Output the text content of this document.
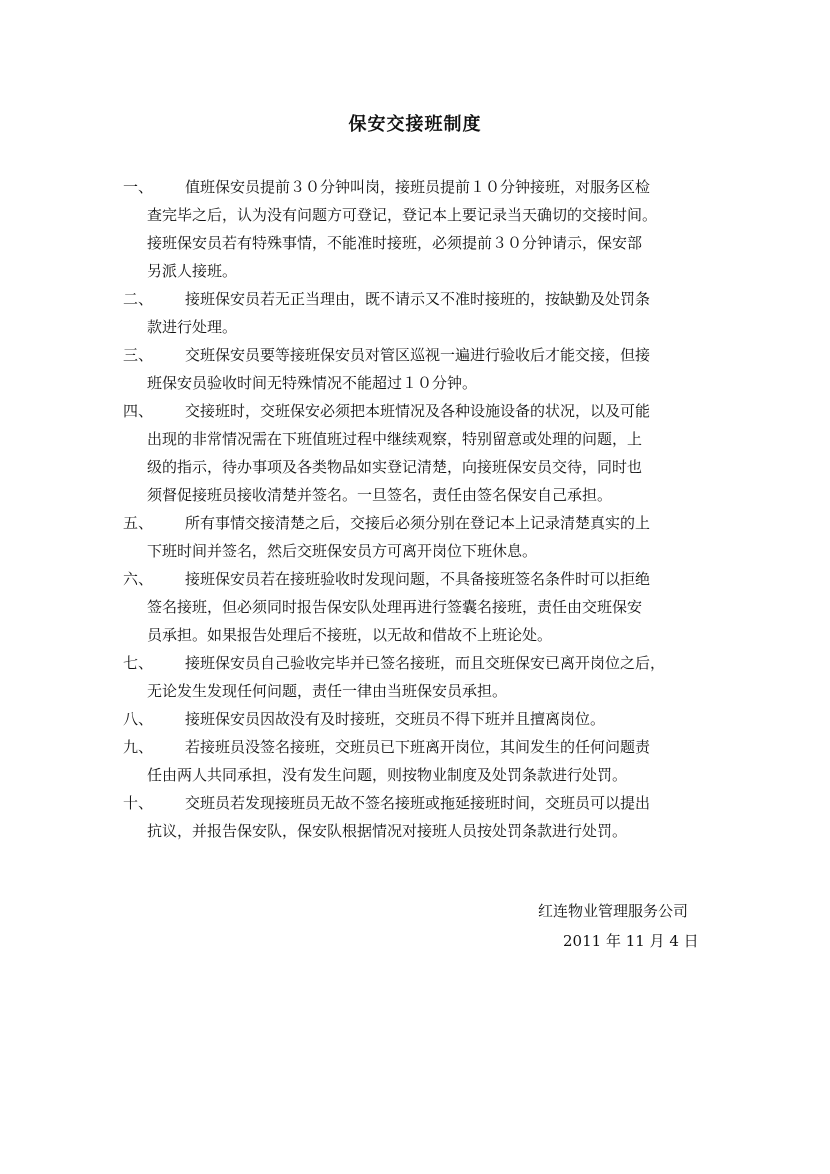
保安交接班制度
一、	值班保安员提前３０分钟叫岗，接班员提前１０分钟接班，对服务区检
查完毕之后，认为没有问题方可登记，登记本上要记录当天确切的交接时间。
接班保安员若有特殊事情，不能准时接班，必须提前３０分钟请示，保安部
另派人接班。
二、	接班保安员若无正当理由，既不请示又不准时接班的，按缺勤及处罚条
款进行处理。
三、	交班保安员要等接班保安员对管区巡视一遍进行验收后才能交接，但接
班保安员验收时间无特殊情况不能超过１０分钟。
四、	交接班时，交班保安必须把本班情况及各种设施设备的状况，以及可能
出现的非常情况需在下班值班过程中继续观察，特别留意或处理的问题，上
级的指示，待办事项及各类物品如实登记清楚，向接班保安员交待，同时也
须督促接班员接收清楚并签名。一旦签名，责任由签名保安自己承担。
五、	所有事情交接清楚之后，交接后必须分别在登记本上记录清楚真实的上
下班时间并签名，然后交班保安员方可离开岗位下班休息。
六、	接班保安员若在接班验收时发现问题，不具备接班签名条件时可以拒绝
签名接班，但必须同时报告保安队处理再进行签囊名接班，责任由交班保安
员承担。如果报告处理后不接班，以无故和借故不上班论处。
七、	接班保安员自己验收完毕并已签名接班，而且交班保安已离开岗位之后，
无论发生发现任何问题，责任一律由当班保安员承担。
八、	接班保安员因故没有及时接班，交班员不得下班并且擅离岗位。
九、	若接班员没签名接班，交班员已下班离开岗位，其间发生的任何问题责
任由两人共同承担，没有发生问题，则按物业制度及处罚条款进行处罚。
十、	交班员若发现接班员无故不签名接班或拖延接班时间，交班员可以提出
抗议，并报告保安队，保安队根据情况对接班人员按处罚条款进行处罚。
红连物业管理服务公司
2011 年 11 月 4 日
